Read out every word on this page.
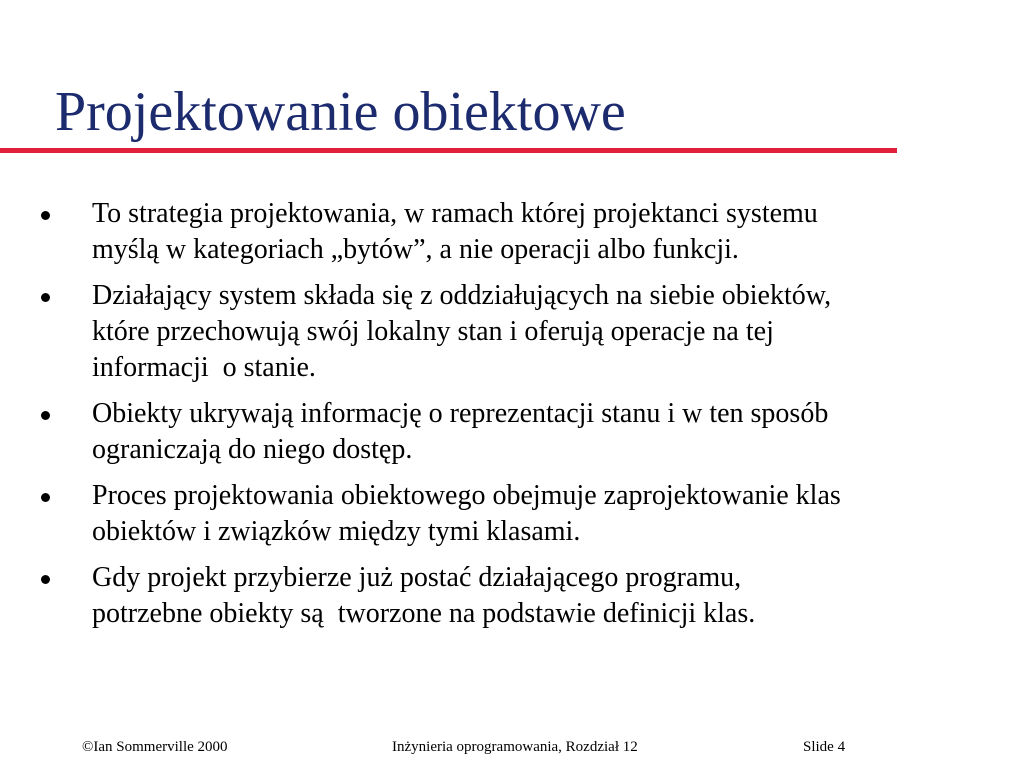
Projektowanie obiektowe
To strategia projektowania, w ramach której projektanci systemu
myślą w kategoriach „bytów”, a nie operacji albo funkcji.
Działający system składa się z oddziałujących na siebie obiektów,
które przechowują swój lokalny stan i oferują operacje na tej
informacji  o stanie.
Obiekty ukrywają informację o reprezentacji stanu i w ten sposób
ograniczają do niego dostęp.
Proces projektowania obiektowego obejmuje zaprojektowanie klas
obiektów i związków między tymi klasami.
Gdy projekt przybierze już postać działającego programu,
potrzebne obiekty są  tworzone na podstawie definicji klas.
©Ian Sommerville 2000	Inżynieria oprogramowania, Rozdział 12	Slide 4
